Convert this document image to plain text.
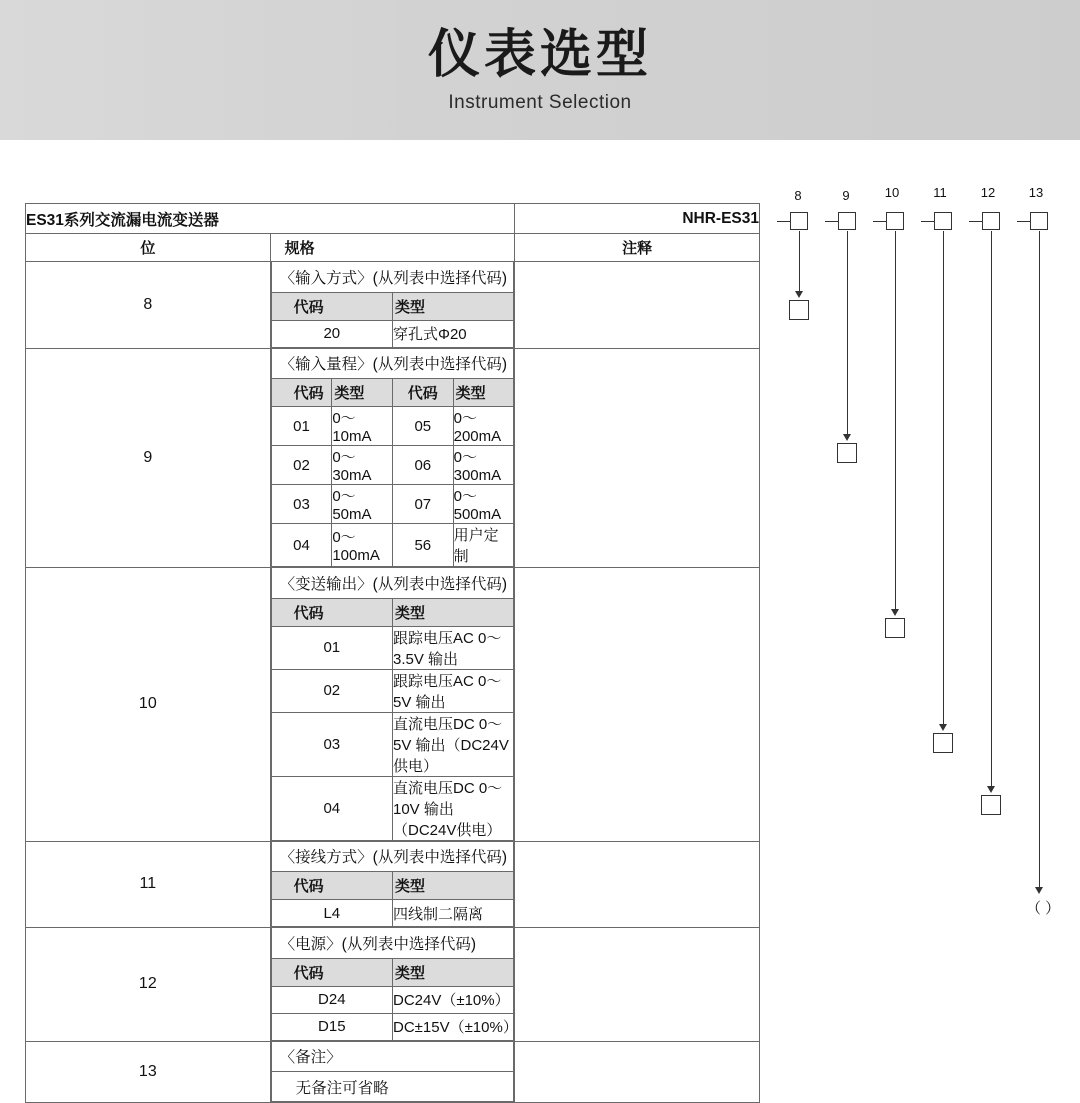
仪表选型
Instrument Selection
ES31系列交流漏电流变送器	NHR-ES31
位	规格	注释
8	
〈输入方式〉(从列表中选择代码)
代码	类型
20	穿孔式Φ20

9	
〈输入量程〉(从列表中选择代码)
代码	类型	代码	类型
01	0～10mA	05	0～200mA
02	0～30mA	06	0～300mA
03	0～50mA	07	0～500mA
04	0～100mA	56	用户定制

10	
〈变送输出〉(从列表中选择代码)
代码	类型
01	跟踪电压AC 0～3.5V 输出
02	跟踪电压AC 0～5V 输出
03	直流电压DC 0～5V 输出（DC24V供电）
04	直流电压DC 0～10V 输出（DC24V供电）

11	
〈接线方式〉(从列表中选择代码)
代码	类型
L4	四线制二隔离

12	
〈电源〉(从列表中选择代码)
代码	类型
D24	DC24V（±10%）
D15	DC±15V（±10%）

13	
〈备注〉
无备注可省略

8	9	10	11	12	13
（ ）
